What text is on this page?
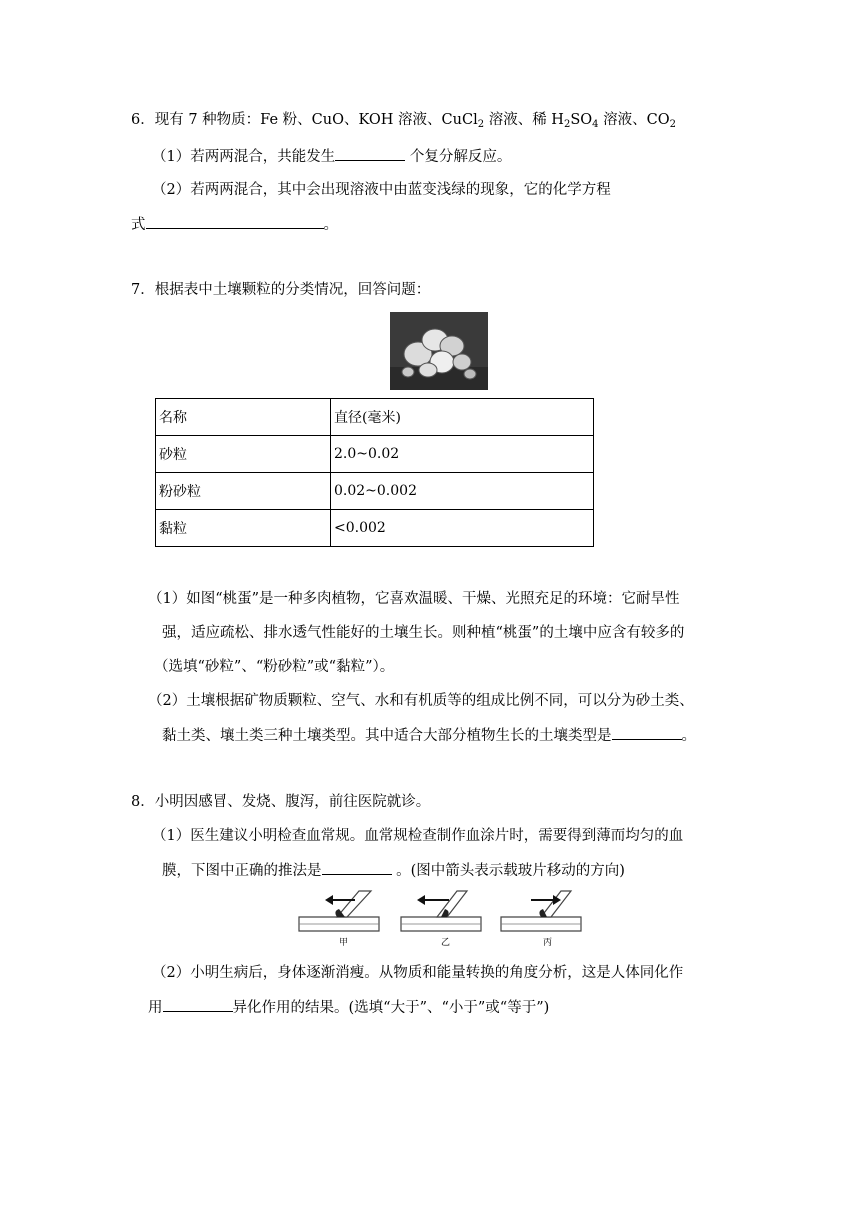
6．现有 7 种物质：Fe 粉、CuO、KOH 溶液、CuCl$_2$ 溶液、稀 $H_2SO_4$ 溶液、$CO_2$
（1）若两两混合，共能发生	个复分解反应。
（2）若两两混合，其中会出现溶液中由蓝变浅绿的现象，它的化学方程
式	。
7．根据表中土壤颗粒的分类情况，回答问题：
名称	直径(毫米)
砂粒	2.0~0.02
粉砂粒	0.02~0.002
黏粒	<0.002
（1）如图“桃蛋”是一种多肉植物，它喜欢温暖、干燥、光照充足的环境：它耐旱性
强，适应疏松、排水透气性能好的土壤生长。则种植“桃蛋”的土壤中应含有较多的
（选填“砂粒”、“粉砂粒”或“黏粒”）。
（2）土壤根据矿物质颗粒、空气、水和有机质等的组成比例不同，可以分为砂土类、
黏土类、壤土类三种土壤类型。其中适合大部分植物生长的土壤类型是	。
8．小明因感冒、发烧、腹泻，前往医院就诊。
（1）医生建议小明检查血常规。血常规检查制作血涂片时，需要得到薄而均匀的血
膜，下图中正确的推法是	。(图中箭头表示载玻片移动的方向)
甲	乙	丙
（2）小明生病后，身体逐渐消瘦。从物质和能量转换的角度分析，这是人体同化作
用	异化作用的结果。(选填“大于”、“小于”或“等于”)
